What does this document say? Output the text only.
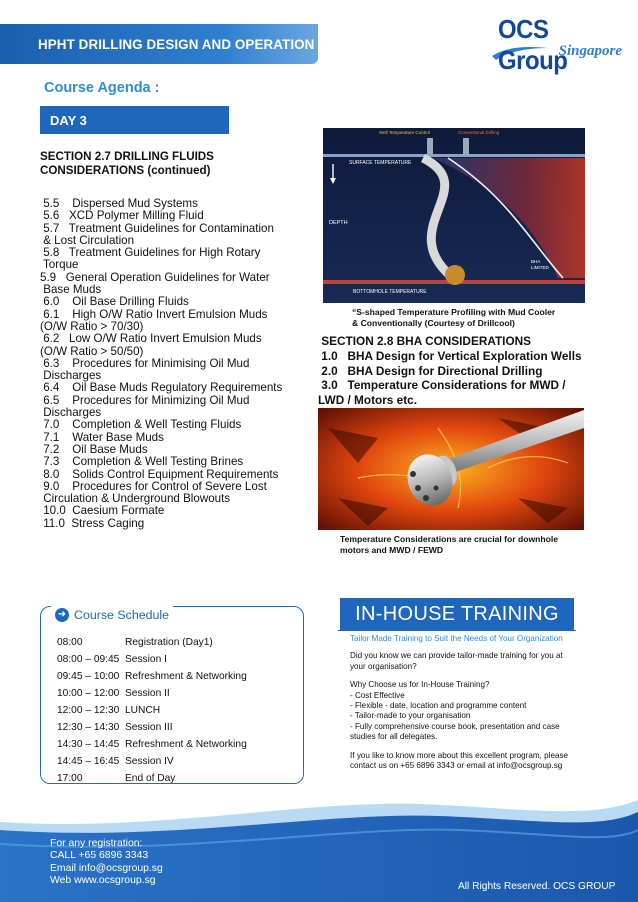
HPHT DRILLING DESIGN AND OPERATION	OCS Group
Singapore
Course Agenda :
DAY 3
SECTION 2.7 DRILLING FLUIDS
CONSIDERATIONS (continued)
5.5    Dispersed Mud Systems
5.6   XCD Polymer Milling Fluid
5.7   Treatment Guidelines for Contamination
& Lost Circulation
5.8   Treatment Guidelines for High Rotary
Torque
5.9   General Operation Guidelines for Water
Base Muds
6.0    Oil Base Drilling Fluids
6.1    High O/W Ratio Invert Emulsion Muds
(O/W Ratio > 70/30)
6.2   Low O/W Ratio Invert Emulsion Muds
(O/W Ratio > 50/50)
6.3    Procedures for Minimising Oil Mud
Discharges
6.4    Oil Base Muds Regulatory Requirements
6.5    Procedures for Minimizing Oil Mud
Discharges
7.0    Completion & Well Testing Fluids
7.1    Water Base Muds
7.2    Oil Base Muds
7.3    Completion & Well Testing Brines
8.0    Solids Control Equipment Requirements
9.0    Procedures for Control of Severe Lost
Circulation & Underground Blowouts
10.0  Caesium Formate
11.0  Stress Caging
Well Temperature Control	Conventional Drilling
SURFACE TEMPERATURE
DEPTH
BHA
LIMITED
BOTTOMHOLE TEMPERATURE
“S-shaped Temperature Profiling with Mud Cooler
& Conventionally (Courtesy of Drillcool)
SECTION 2.8 BHA CONSIDERATIONS
1.0   BHA Design for Vertical Exploration Wells
2.0   BHA Design for Directional Drilling
3.0   Temperature Considerations for MWD /
LWD / Motors etc.
Temperature Considerations are crucial for downhole
motors and MWD / FEWD
➜ Course Schedule
08:00	Registration (Day1)
08:00 – 09:45 Session I
09:45 – 10:00 Refreshment & Networking
10:00 – 12:00 Session II
12:00 – 12:30 LUNCH
12:30 – 14:30 Session III
14:30 – 14:45 Refreshment & Networking
14:45 – 16:45 Session IV
17:00	End of Day
IN-HOUSE TRAINING
Tailor Made Training to Suit the Needs of Your Organization
Did you know we can provide tailor-made training for you at your organisation?
Why Choose us for In-House Training?
- Cost Effective
- Flexible - date, location and programme content
- Tailor-made to your organisation
- Fully comprehensive course book, presentation and case studies for all delegates.
If you like to know more about this excellent program, please contact us on +65 6896 3343 or email at info@ocsgroup.sg
For any registration:
CALL +65 6896 3343
Email info@ocsgroup.sg
Web www.ocsgroup.sg
All Rights Reserved. OCS GROUP
